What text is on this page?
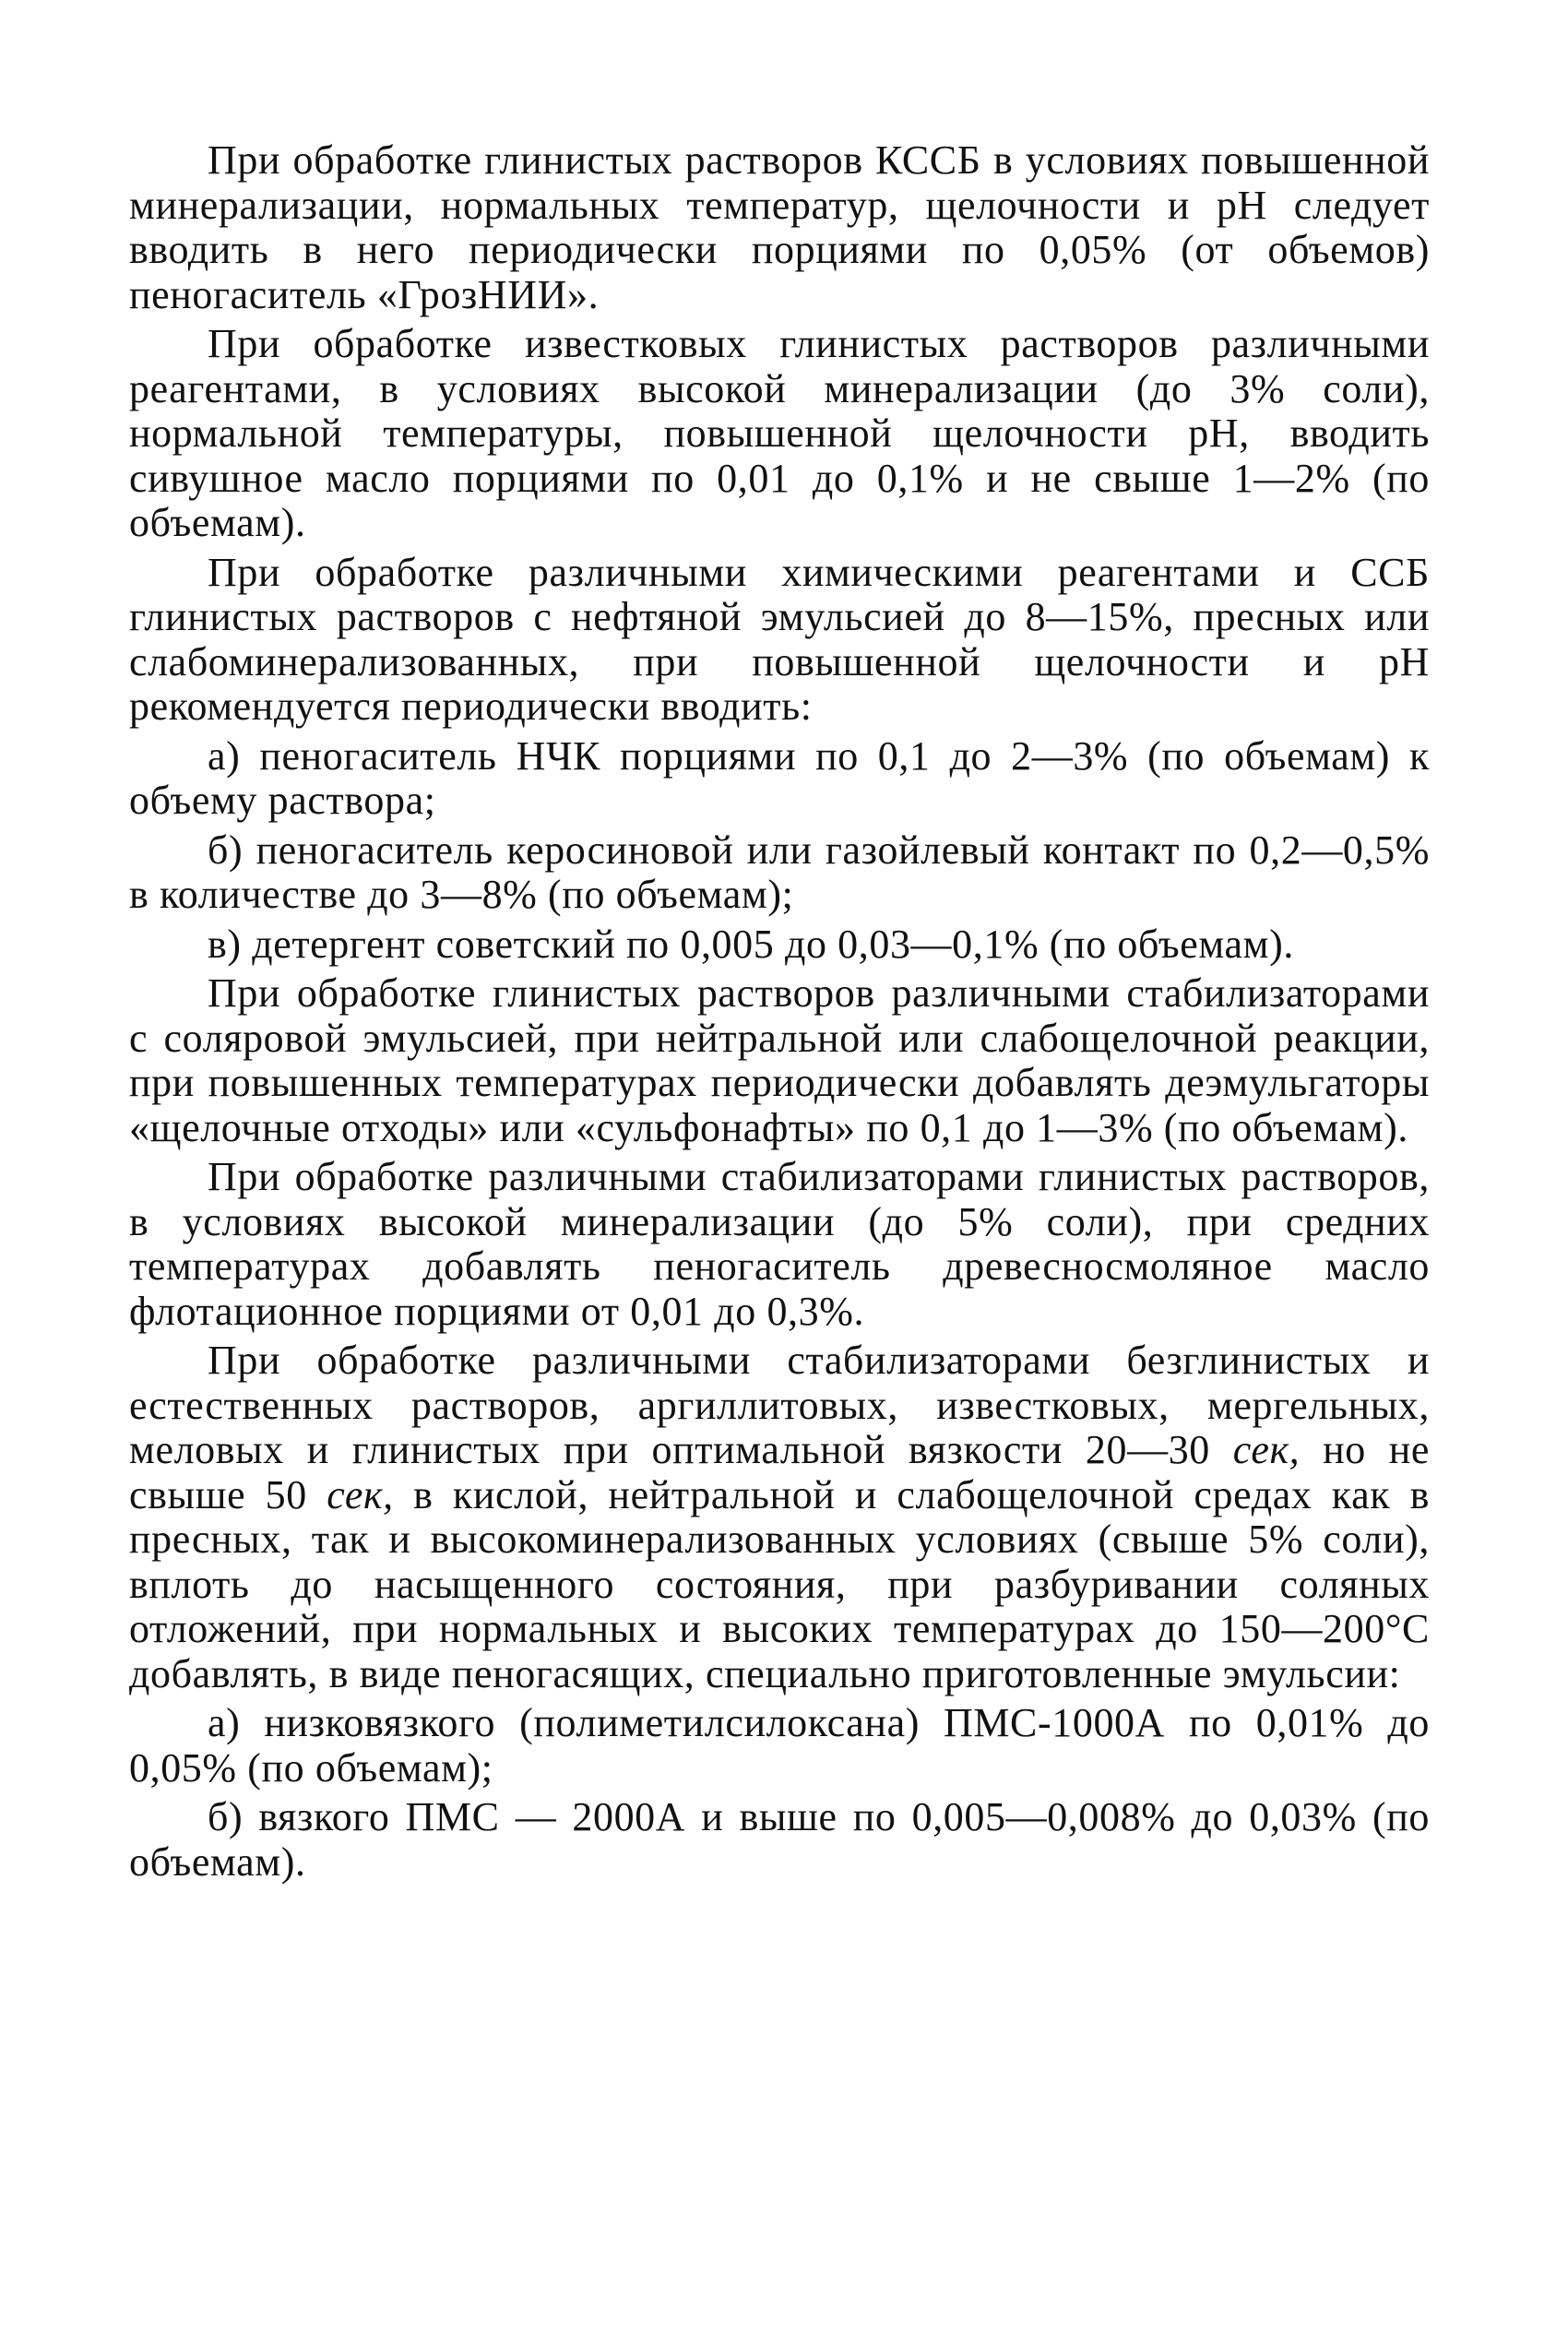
При обработке глинистых растворов КССБ в условиях повышенной минерализации, нормальных температур, щелочности и pH следует вводить в него периодически порциями по 0,05% (от объемов) пеногаситель «ГрозНИИ».

При обработке известковых глинистых растворов различными реагентами, в условиях высокой минерализации (до 3% соли), нормальной температуры, повышенной щелочности pH, вводить сивушное масло порциями по 0,01 до 0,1% и не свыше 1—2% (по объемам).

При обработке различными химическими реагентами и ССБ глинистых растворов с нефтяной эмульсией до 8—15%, пресных или слабоминерализованных, при повышенной щелочности и pH рекомендуется периодически вводить:

а) пеногаситель НЧК порциями по 0,1 до 2—3% (по объемам) к объему раствора;

б) пеногаситель керосиновой или газойлевый контакт по 0,2—0,5% в количестве до 3—8% (по объемам);

в) детергент советский по 0,005 до 0,03—0,1% (по объемам).

При обработке глинистых растворов различными стабилизаторами с соляровой эмульсией, при нейтральной или слабощелочной реакции, при повышенных температурах периодически добавлять деэмульгаторы «щелочные отходы» или «сульфонафты» по 0,1 до 1—3% (по объемам).

При обработке различными стабилизаторами глинистых растворов, в условиях высокой минерализации (до 5% соли), при средних температурах добавлять пеногаситель древесносмоляное масло флотационное порциями от 0,01 до 0,3%.

При обработке различными стабилизаторами безглинистых и естественных растворов, аргиллитовых, известковых, мергельных, меловых и глинистых при оптимальной вязкости 20—30 сек, но не свыше 50 сек, в кислой, нейтральной и слабощелочной средах как в пресных, так и высокоминерализованных условиях (свыше 5% соли), вплоть до насыщенного состояния, при разбуривании соляных отложений, при нормальных и высоких температурах до 150—200°C добавлять, в виде пеногасящих, специально приготовленные эмульсии:

а) низковязкого (полиметилсилоксана) ПМС-1000А по 0,01% до 0,05% (по объемам);

б) вязкого ПМС — 2000А и выше по 0,005—0,008% до 0,03% (по объемам).
